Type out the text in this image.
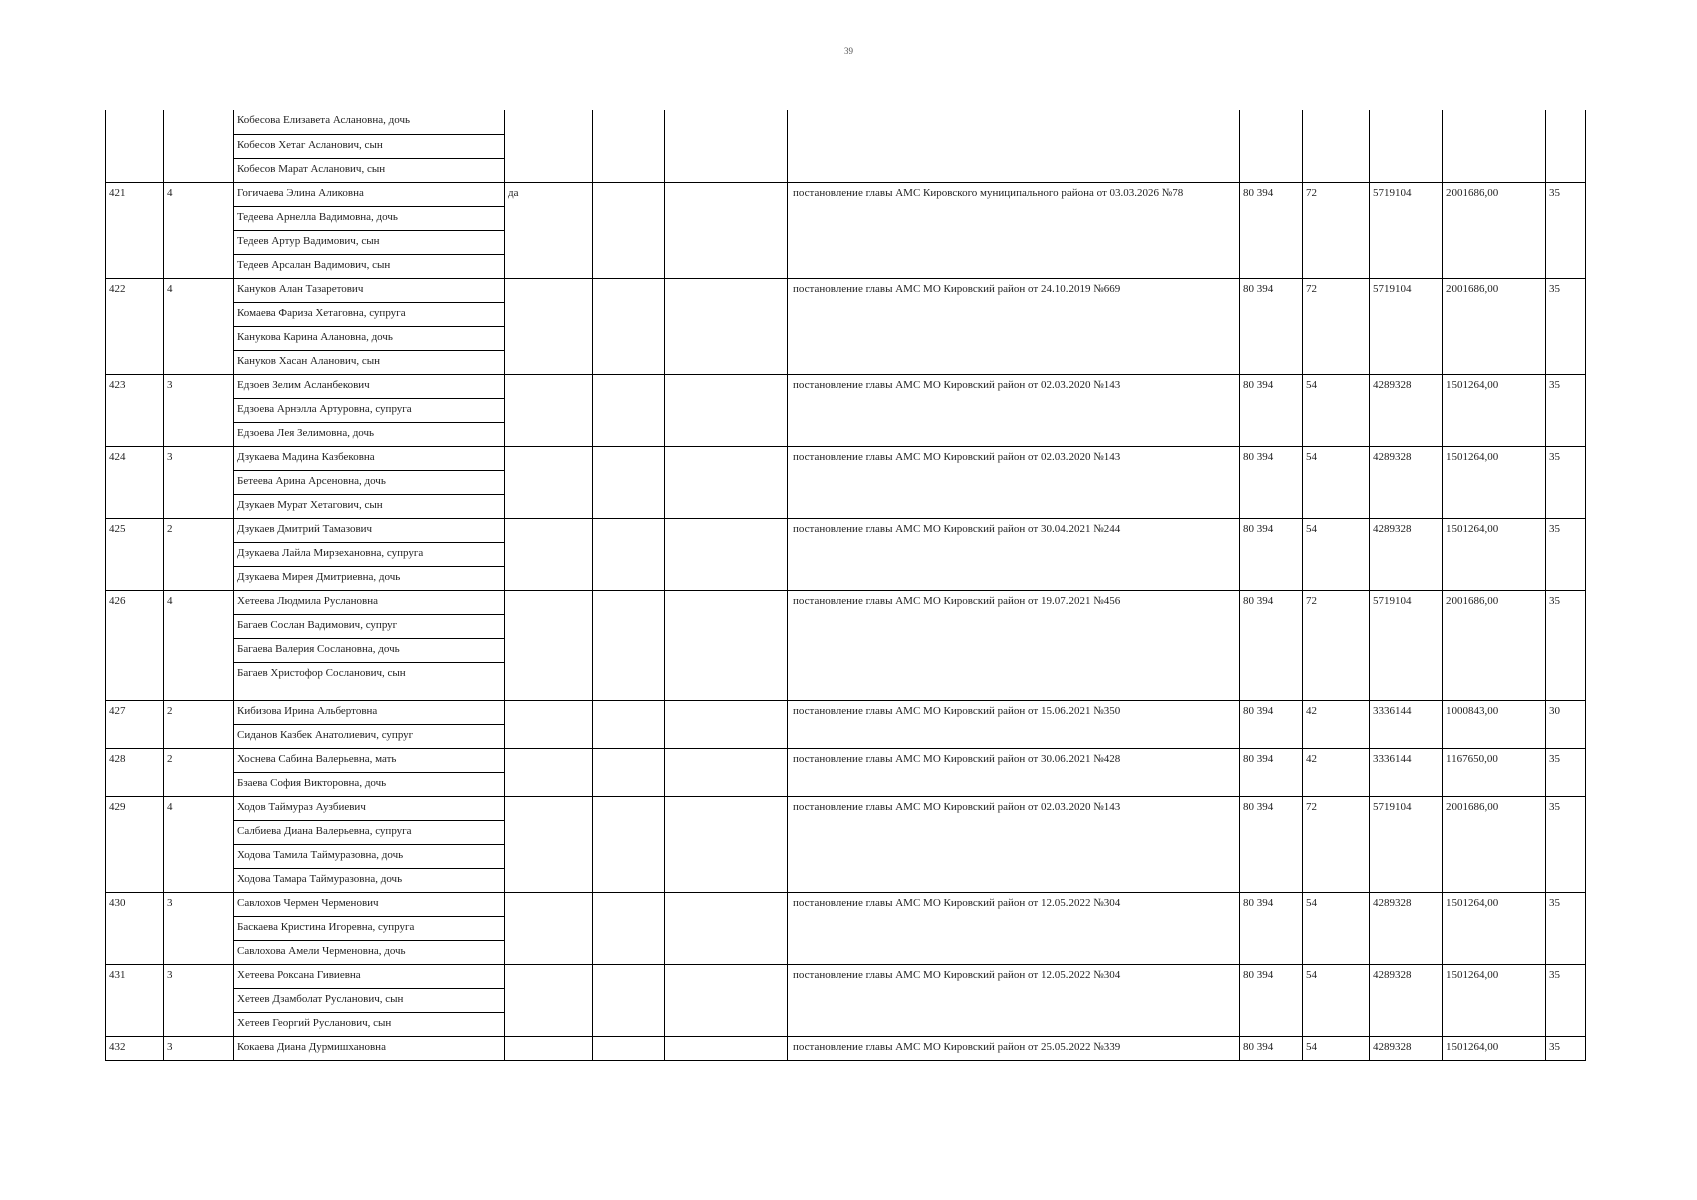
39
		Кобесова Елизавета Аслановна, дочь									
		Кобесов Хетаг Асланович, сын									
		Кобесов Марат Асланович, сын									
421	4	Гогичаева Элина Аликовна	да			постановление главы АМС Кировского муниципального района от 03.03.2026 №78	80 394	72	5719104	2001686,00	35
		Тедеева Арнелла Вадимовна, дочь									
		Тедеев Артур Вадимович, сын									
		Тедеев Арсалан Вадимович, сын									
422	4	Кануков Алан Тазаретович				постановление главы АМС МО Кировский район от 24.10.2019 №669	80 394	72	5719104	2001686,00	35
		Комаева Фариза Хетаговна, супруга									
		Канукова Карина Алановна, дочь									
		Кануков Хасан Аланович, сын									
423	3	Едзоев Зелим Асланбекович				постановление главы АМС МО Кировский район от 02.03.2020 №143	80 394	54	4289328	1501264,00	35
		Едзоева Арнэлла Артуровна, супруга									
		Едзоева Лея Зелимовна, дочь									
424	3	Дзукаева Мадина Казбековна				постановление главы АМС МО Кировский район от 02.03.2020 №143	80 394	54	4289328	1501264,00	35
		Бетеева Арина Арсеновна, дочь									
		Дзукаев Мурат Хетагович, сын									
425	2	Дзукаев Дмитрий Тамазович				постановление главы АМС МО Кировский район от 30.04.2021 №244	80 394	54	4289328	1501264,00	35
		Дзукаева Лайла Мирзехановна, супруга									
		Дзукаева Мирея Дмитриевна, дочь									
426	4	Хетеева Людмила Руслановна				постановление главы АМС МО Кировский район от 19.07.2021 №456	80 394	72	5719104	2001686,00	35
		Багаев Сослан Вадимович, супруг									
		Багаева Валерия Сослановна, дочь									
		Багаев Христофор Сосланович, сын									
427	2	Кибизова Ирина Альбертовна				постановление главы АМС МО Кировский район от 15.06.2021 №350	80 394	42	3336144	1000843,00	30
		Сиданов Казбек Анатолиевич, супруг									
428	2	Хоснева Сабина Валерьевна, мать				постановление главы АМС МО Кировский район от 30.06.2021 №428	80 394	42	3336144	1167650,00	35
		Бзаева София Викторовна, дочь									
429	4	Ходов Таймураз Аузбиевич				постановление главы АМС МО Кировский район от 02.03.2020 №143	80 394	72	5719104	2001686,00	35
		Салбиева Диана Валерьевна, супруга									
		Ходова Тамила Таймуразовна, дочь									
		Ходова Тамара Таймуразовна, дочь									
430	3	Савлохов Чермен Черменович				постановление главы АМС МО Кировский район от 12.05.2022 №304	80 394	54	4289328	1501264,00	35
		Баскаева Кристина Игоревна, супруга									
		Савлохова Амели Черменовна, дочь									
431	3	Хетеева Роксана Гивиевна				постановление главы АМС МО Кировский район от 12.05.2022 №304	80 394	54	4289328	1501264,00	35
		Хетеев Дзамболат Русланович, сын									
		Хетеев Георгий Русланович, сын									
432	3	Кокаева Диана Дурмишхановна				постановление главы АМС МО Кировский район от 25.05.2022 №339	80 394	54	4289328	1501264,00	35
